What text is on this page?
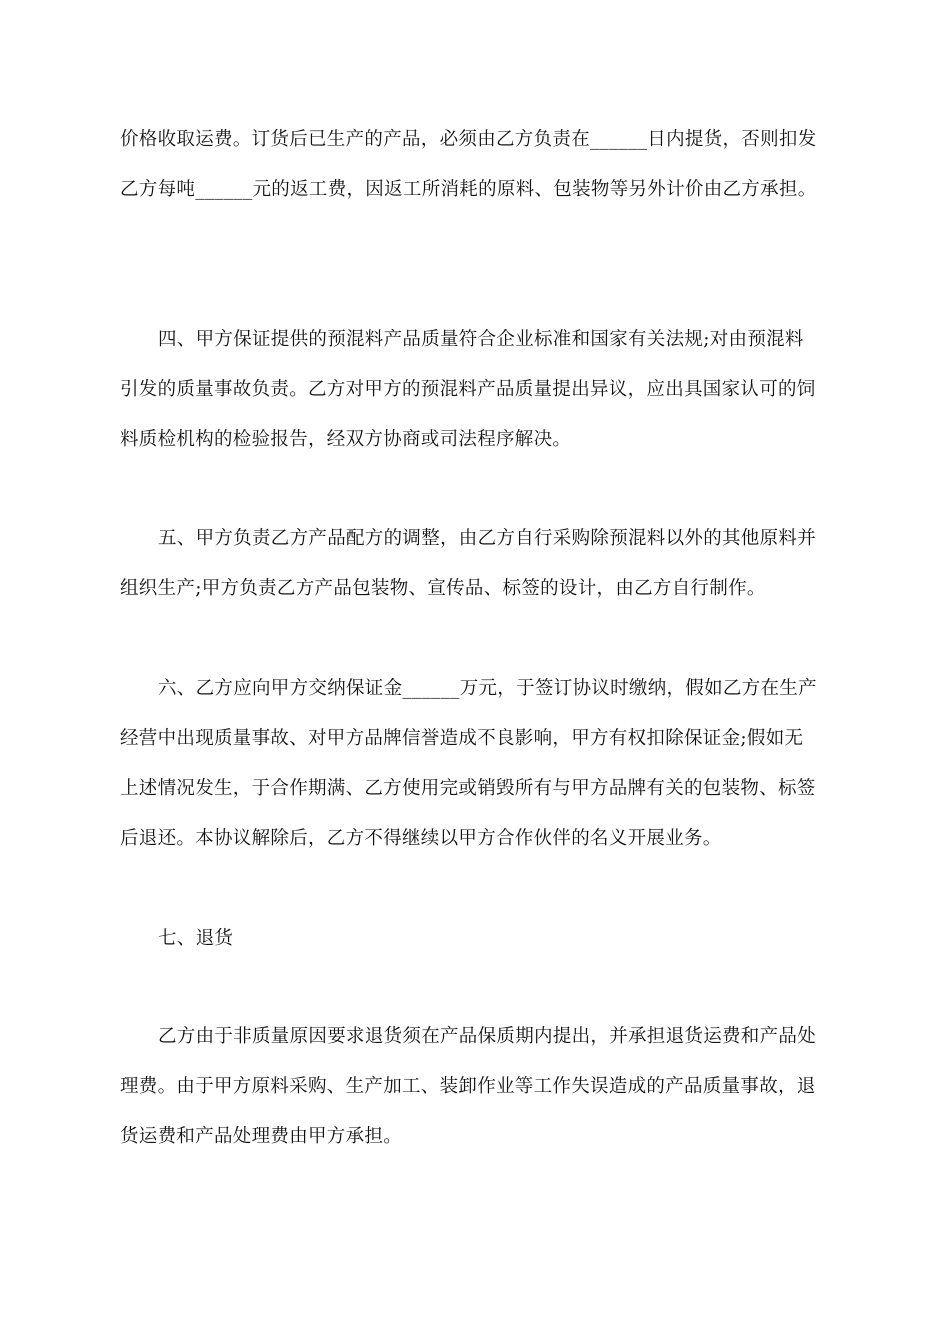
价格收取运费。订货后已生产的产品，必须由乙方负责在______日内提货，否则扣发
乙方每吨______元的返工费，因返工所消耗的原料、包装物等另外计价由乙方承担。
四、甲方保证提供的预混料产品质量符合企业标准和国家有关法规;对由预混料
引发的质量事故负责。乙方对甲方的预混料产品质量提出异议，应出具国家认可的饲
料质检机构的检验报告，经双方协商或司法程序解决。
五、甲方负责乙方产品配方的调整，由乙方自行采购除预混料以外的其他原料并
组织生产;甲方负责乙方产品包装物、宣传品、标签的设计，由乙方自行制作。
六、乙方应向甲方交纳保证金______万元，于签订协议时缴纳，假如乙方在生产
经营中出现质量事故、对甲方品牌信誉造成不良影响，甲方有权扣除保证金;假如无
上述情况发生，于合作期满、乙方使用完或销毁所有与甲方品牌有关的包装物、标签
后退还。本协议解除后，乙方不得继续以甲方合作伙伴的名义开展业务。
七、退货
乙方由于非质量原因要求退货须在产品保质期内提出，并承担退货运费和产品处
理费。由于甲方原料采购、生产加工、装卸作业等工作失误造成的产品质量事故，退
货运费和产品处理费由甲方承担。
